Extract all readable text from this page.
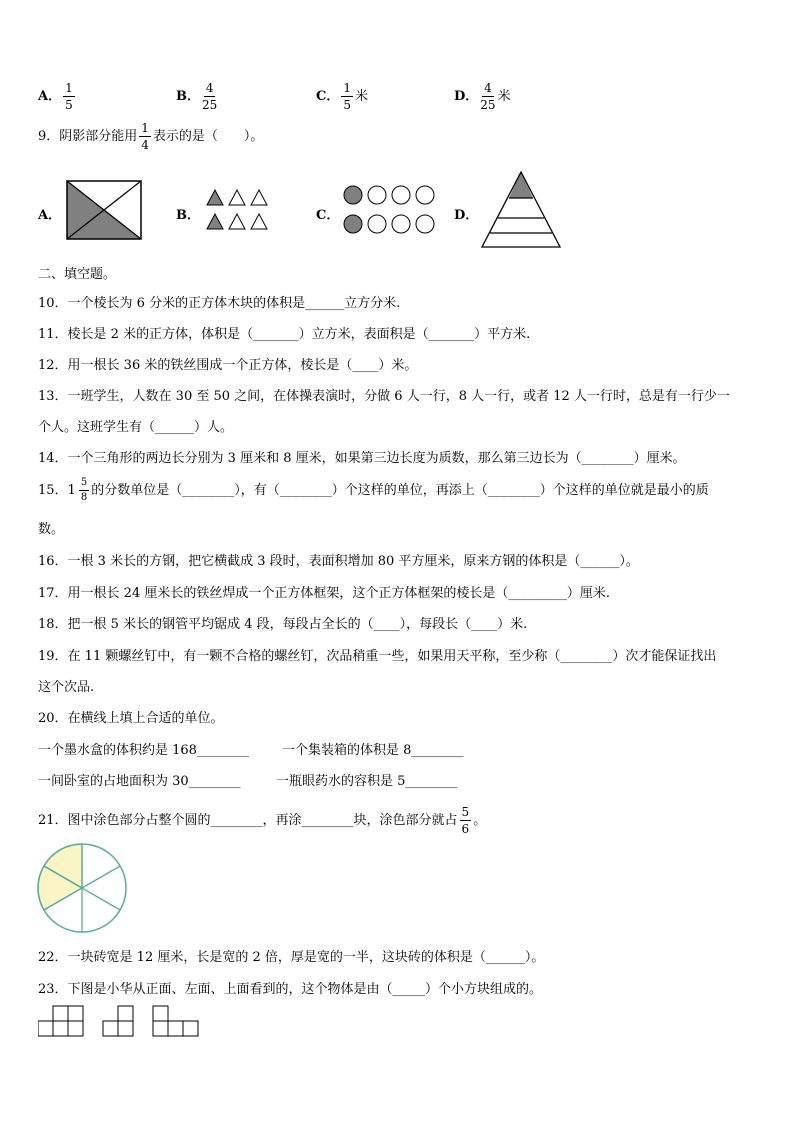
A． $\frac{1}{5}$	B． $\frac{4}{25}$	C． $\frac{1}{5}$ 米	D． $\frac{4}{25}$ 米
9．阴影部分能用 $\frac{1}{4}$ 表示的是（　　）。
A．	B．	C．	D．
二、填空题。
10．一个棱长为 6 分米的正方体木块的体积是______立方分米.
11．棱长是 2 米的正方体，体积是（_______）立方米，表面积是（_______）平方米.
12．用一根长 36 米的铁丝围成一个正方体，棱长是（____）米。
13．一班学生，人数在 30 至 50 之间，在体操表演时，分做 6 人一行，8 人一行，或者 12 人一行时，总是有一行少一
个人。这班学生有（______）人。
14．一个三角形的两边长分别为 3 厘米和 8 厘米，如果第三边长度为质数，那么第三边长为（________）厘米。
15． $1 \frac{5}{8}$ 的分数单位是（________），有（________）个这样的单位，再添上（________）个这样的单位就是最小的质
数。
16．一根 3 米长的方钢，把它横截成 3 段时，表面积增加 80 平方厘米，原来方钢的体积是（______）。
17．用一根长 24 厘米长的铁丝焊成一个正方体框架，这个正方体框架的棱长是（_________）厘米.
18．把一根 5 米长的钢管平均锯成 4 段，每段占全长的（____），每段长（____）米.
19．在 11 颗螺丝钉中，有一颗不合格的螺丝钉，次品稍重一些，如果用天平称，至少称（________）次才能保证找出
这个次品.
20．在横线上填上合适的单位。
一个墨水盒的体积约是 168________	一个集装箱的体积是 8________
一间卧室的占地面积为 30________	一瓶眼药水的容积是 5________
21．图中涂色部分占整个圆的________，再涂________块，涂色部分就占 $\frac{5}{6}$ 。
22．一块砖宽是 12 厘米，长是宽的 2 倍，厚是宽的一半，这块砖的体积是（______）。
23．下图是小华从正面、左面、上面看到的，这个物体是由（_____）个小方块组成的。
